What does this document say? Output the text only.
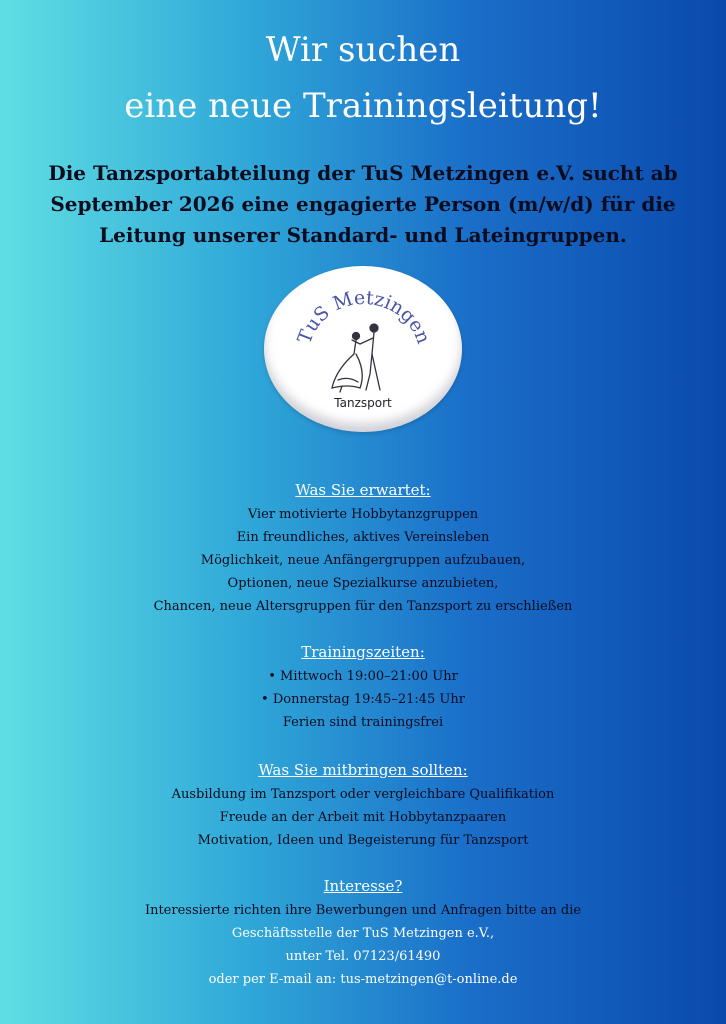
Wir suchen
eine neue Trainingsleitung!
Die Tanzsportabteilung der TuS Metzingen e.V. sucht ab
September 2026 eine engagierte Person (m/w/d) für die
Leitung unserer Standard- und Lateingruppen.
TuS Metzingen
Tanzsport
Was Sie erwartet:
Vier motivierte Hobbytanzgruppen
Ein freundliches, aktives Vereinsleben
Möglichkeit, neue Anfängergruppen aufzubauen,
Optionen, neue Spezialkurse anzubieten,
Chancen, neue Altersgruppen für den Tanzsport zu erschließen
Trainingszeiten:
• Mittwoch 19:00–21:00 Uhr
• Donnerstag 19:45–21:45 Uhr
Ferien sind trainingsfrei
Was Sie mitbringen sollten:
Ausbildung im Tanzsport oder vergleichbare Qualifikation
Freude an der Arbeit mit Hobbytanzpaaren
Motivation, Ideen und Begeisterung für Tanzsport
Interesse?
Interessierte richten ihre Bewerbungen und Anfragen bitte an die
Geschäftsstelle der TuS Metzingen e.V.,
unter Tel. 07123/61490
oder per E-mail an: tus-metzingen@t-online.de
